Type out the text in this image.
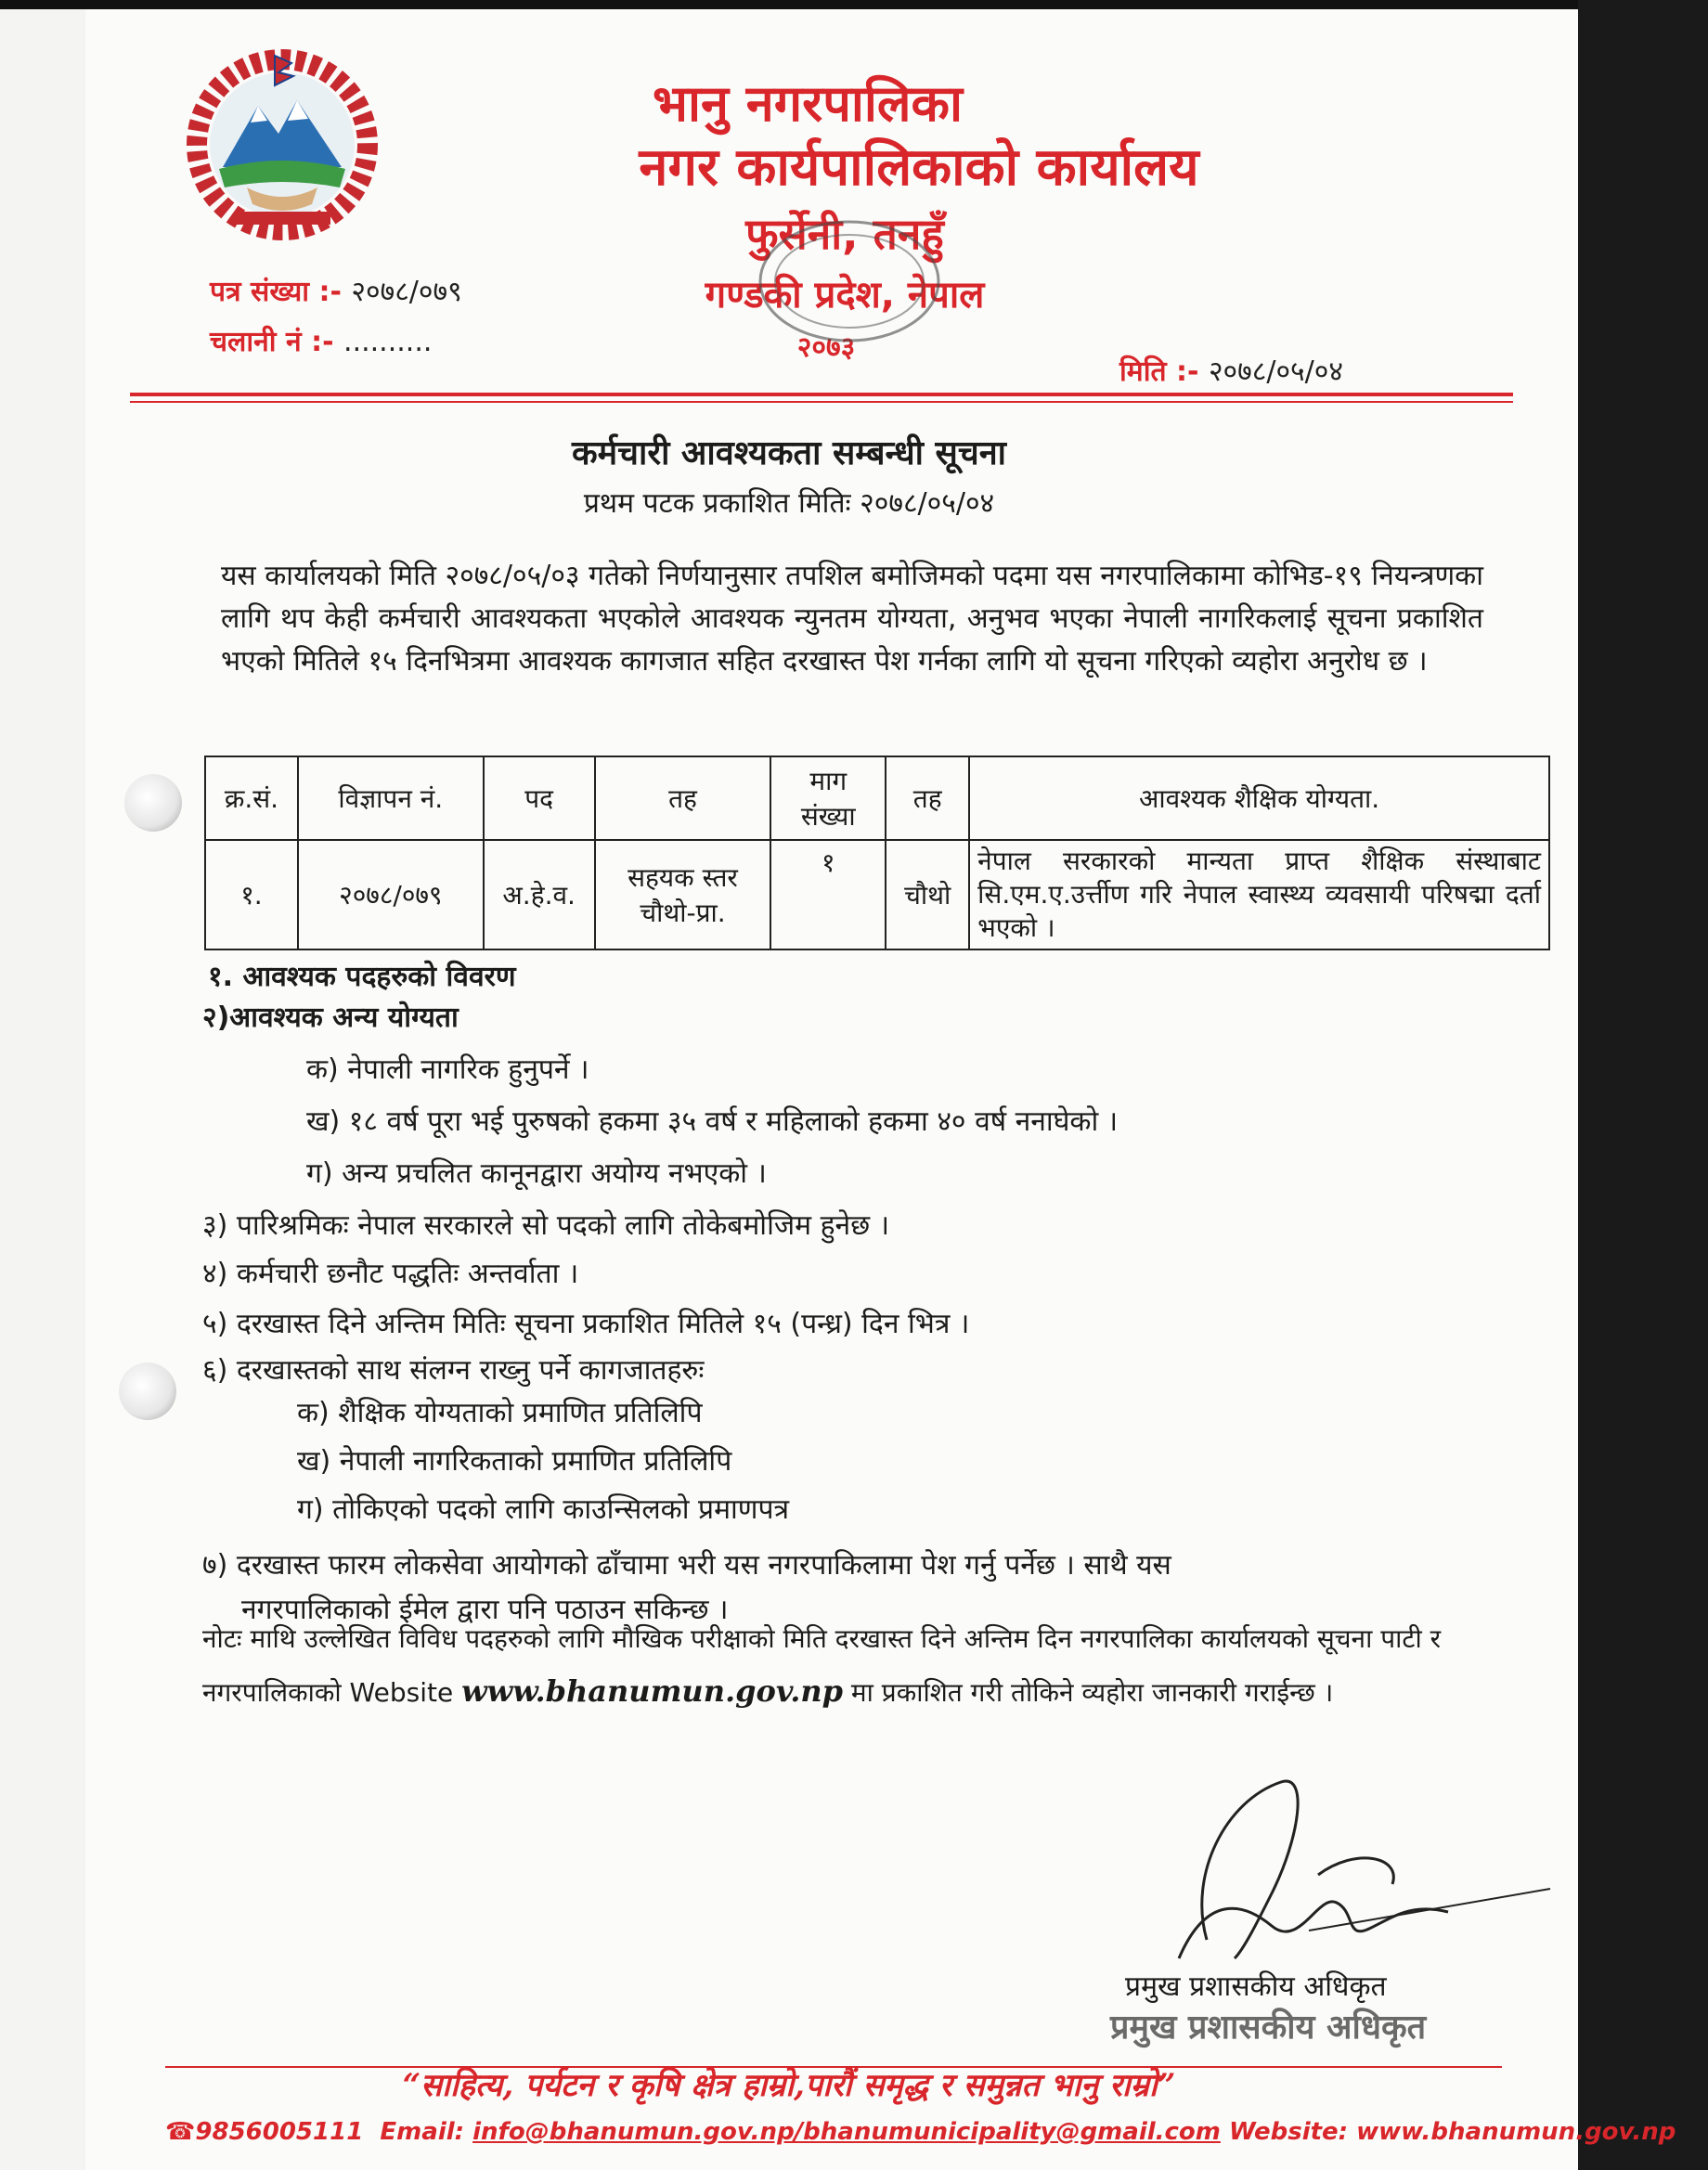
भानु नगरपालिका
नगर कार्यपालिकाको कार्यालय
फुर्सेनी, तनहुँ
गण्डकी प्रदेश, नेपाल
२०७३
पत्र संख्या :- २०७८/०७९
चलानी नं :- ..........
मिति :- २०७८/०५/०४
कर्मचारी आवश्यकता सम्बन्धी सूचना
प्रथम पटक प्रकाशित मितिः २०७८/०५/०४
यस कार्यालयको मिति २०७८/०५/०३ गतेको निर्णयानुसार तपशिल बमोजिमको पदमा यस नगरपालिकामा कोभिड-१९ नियन्त्रणका लागि थप केही कर्मचारी आवश्यकता भएकोले आवश्यक न्युनतम योग्यता, अनुभव भएका नेपाली नागरिकलाई सूचना प्रकाशित भएको मितिले १५ दिनभित्रमा आवश्यक कागजात सहित दरखास्त पेश गर्नका लागि यो सूचना गरिएको व्यहोरा अनुरोध छ ।
क्र.सं.	विज्ञापन नं.	पद	तह	माग संख्या	तह	आवश्यक शैक्षिक योग्यता.
१.	२०७८/०७९	अ.हे.व.	सहयक स्तर चौथो-प्रा.	१	चौथो	नेपाल सरकारको मान्यता प्राप्त शैक्षिक संस्थाबाट सि.एम.ए.उर्त्तीण गरि नेपाल स्वास्थ्य व्यवसायी परिषद्मा दर्ता भएको ।
१. आवश्यक पदहरुको विवरण
२)आवश्यक अन्य योग्यता
क) नेपाली नागरिक हुनुपर्ने ।
ख) १८ वर्ष पूरा भई पुरुषको हकमा ३५ वर्ष र महिलाको हकमा ४० वर्ष ननाघेको ।
ग) अन्य प्रचलित कानूनद्वारा अयोग्य नभएको ।
३) पारिश्रमिकः नेपाल सरकारले सो पदको लागि तोकेबमोजिम हुनेछ ।
४) कर्मचारी छनौट पद्धतिः अन्तर्वाता ।
५) दरखास्त दिने अन्तिम मितिः सूचना प्रकाशित मितिले १५ (पन्ध्र) दिन भित्र ।
६) दरखास्तको साथ संलग्न राख्नु पर्ने कागजातहरुः
क) शैक्षिक योग्यताको प्रमाणित प्रतिलिपि
ख) नेपाली नागरिकताको प्रमाणित प्रतिलिपि
ग) तोकिएको पदको लागि काउन्सिलको प्रमाणपत्र
७) दरखास्त फारम लोकसेवा आयोगको ढाँचामा भरी यस नगरपाकिलामा पेश गर्नु पर्नेछ । साथै यस
नगरपालिकाको ईमेल द्वारा पनि पठाउन सकिन्छ ।
नोटः माथि उल्लेखित विविध पदहरुको लागि मौखिक परीक्षाको मिति दरखास्त दिने अन्तिम दिन नगरपालिका कार्यालयको सूचना पाटी र नगरपालिकाको Website www.bhanumun.gov.np मा प्रकाशित गरी तोकिने व्यहोरा जानकारी गराईन्छ ।
प्रमुख प्रशासकीय अधिकृत
प्रमुख प्रशासकीय अधिकृत
“साहित्य, पर्यटन र कृषि क्षेत्र हाम्रो,पारौं समृद्ध र समुन्नत भानु राम्रो”
☎9856005111 Email: info@bhanumun.gov.np/bhanumunicipality@gmail.com Website: www.bhanumun.gov.np
